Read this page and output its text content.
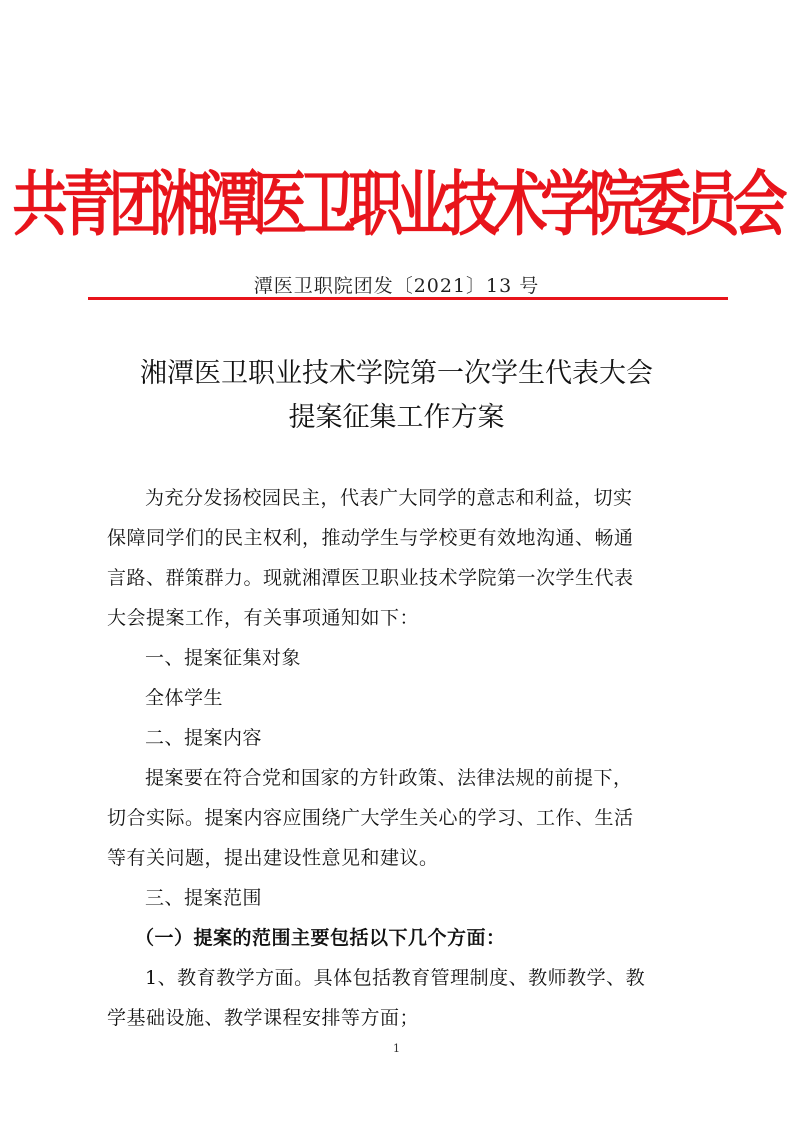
共青团湘潭医卫职业技术学院委员会
潭医卫职院团发〔2021〕13 号
湘潭医卫职业技术学院第一次学生代表大会
提案征集工作方案
为充分发扬校园民主，代表广大同学的意志和利益，切实
保障同学们的民主权利，推动学生与学校更有效地沟通、畅通
言路、群策群力。现就湘潭医卫职业技术学院第一次学生代表
大会提案工作，有关事项通知如下：
一、提案征集对象
全体学生
二、提案内容
提案要在符合党和国家的方针政策、法律法规的前提下，
切合实际。提案内容应围绕广大学生关心的学习、工作、生活
等有关问题，提出建设性意见和建议。
三、提案范围
（一）提案的范围主要包括以下几个方面：
1、教育教学方面。具体包括教育管理制度、教师教学、教
学基础设施、教学课程安排等方面；
1
